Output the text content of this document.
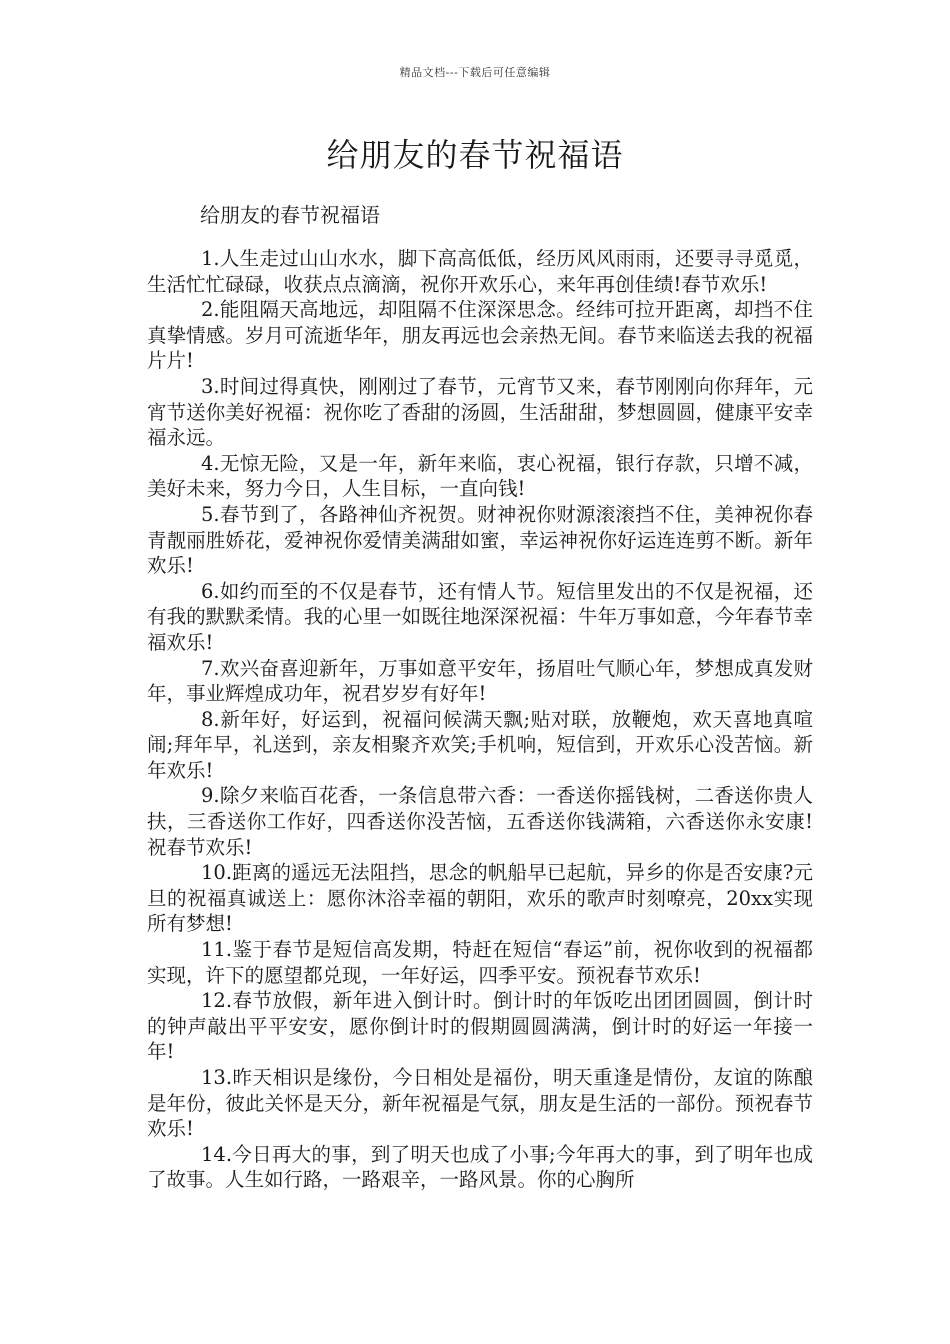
精品文档---下载后可任意编辑
给朋友的春节祝福语

给朋友的春节祝福语

1.人生走过山山水水，脚下高高低低，经历风风雨雨，还要寻寻觅觅，生活忙忙碌碌，收获点点滴滴，祝你开欢乐心，来年再创佳绩!春节欢乐!

2.能阻隔天高地远，却阻隔不住深深思念。经纬可拉开距离，却挡不住真挚情感。岁月可流逝华年，朋友再远也会亲热无间。春节来临送去我的祝福片片!

3.时间过得真快，刚刚过了春节，元宵节又来，春节刚刚向你拜年，元宵节送你美好祝福：祝你吃了香甜的汤圆，生活甜甜，梦想圆圆，健康平安幸福永远。

4.无惊无险，又是一年，新年来临，衷心祝福，银行存款，只增不减，美好未来，努力今日，人生目标，一直向钱!

5.春节到了，各路神仙齐祝贺。财神祝你财源滚滚挡不住，美神祝你春青靓丽胜娇花，爱神祝你爱情美满甜如蜜，幸运神祝你好运连连剪不断。新年欢乐!

6.如约而至的不仅是春节，还有情人节。短信里发出的不仅是祝福，还有我的默默柔情。我的心里一如既往地深深祝福：牛年万事如意，今年春节幸福欢乐!

7.欢兴奋喜迎新年，万事如意平安年，扬眉吐气顺心年，梦想成真发财年，事业辉煌成功年，祝君岁岁有好年!

8.新年好，好运到，祝福问候满天飘;贴对联，放鞭炮，欢天喜地真喧闹;拜年早，礼送到，亲友相聚齐欢笑;手机响，短信到，开欢乐心没苦恼。新年欢乐!

9.除夕来临百花香，一条信息带六香：一香送你摇钱树，二香送你贵人扶，三香送你工作好，四香送你没苦恼，五香送你钱满箱，六香送你永安康!祝春节欢乐!

10.距离的遥远无法阻挡，思念的帆船早已起航，异乡的你是否安康?元旦的祝福真诚送上：愿你沐浴幸福的朝阳，欢乐的歌声时刻嘹亮，20xx实现所有梦想!

11.鉴于春节是短信高发期，特赶在短信“春运”前，祝你收到的祝福都实现，许下的愿望都兑现，一年好运，四季平安。预祝春节欢乐!

12.春节放假，新年进入倒计时。倒计时的年饭吃出团团圆圆，倒计时的钟声敲出平平安安，愿你倒计时的假期圆圆满满，倒计时的好运一年接一年!

13.昨天相识是缘份，今日相处是福份，明天重逢是情份，友谊的陈酿是年份，彼此关怀是天分，新年祝福是气氛，朋友是生活的一部份。预祝春节欢乐!

14.今日再大的事，到了明天也成了小事;今年再大的事，到了明年也成了故事。人生如行路，一路艰辛，一路风景。你的心胸所
